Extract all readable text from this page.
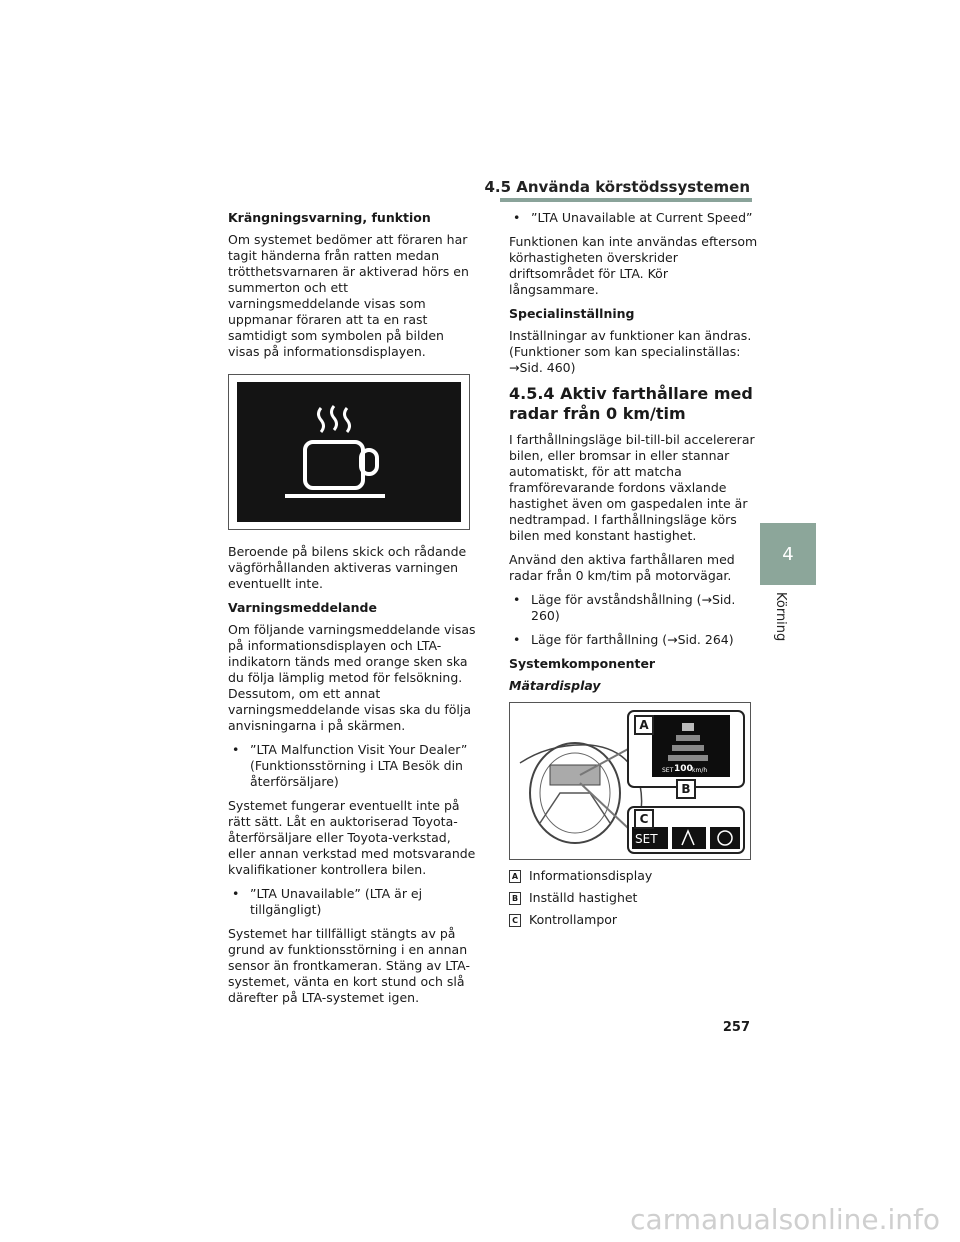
4.5 Använda körstödssystemen

Krängningsvarning, funktion

Om systemet bedömer att föraren har tagit händerna från ratten medan trötthetsvarnaren är aktiverad hörs en summerton och ett varningsmeddelande visas som uppmanar föraren att ta en rast samtidigt som symbolen på bilden visas på informationsdisplayen.

Beroende på bilens skick och rådande vägförhållanden aktiveras varningen eventuellt inte.

Varningsmeddelande

Om följande varningsmeddelande visas på informationsdisplayen och LTA-indikatorn tänds med orange sken ska du följa lämplig metod för felsökning. Dessutom, om ett annat varningsmeddelande visas ska du följa anvisningarna i på skärmen.

• ”LTA Malfunction Visit Your Dealer” (Funktionsstörning i LTA Besök din återförsäljare)

Systemet fungerar eventuellt inte på rätt sätt. Låt en auktoriserad Toyota-återförsäljare eller Toyota-verkstad, eller annan verkstad med motsvarande kvalifikationer kontrollera bilen.

• ”LTA Unavailable” (LTA är ej tillgängligt)

Systemet har tillfälligt stängts av på grund av funktionsstörning i en annan sensor än frontkameran. Stäng av LTA-systemet, vänta en kort stund och slå därefter på LTA-systemet igen.

• ”LTA Unavailable at Current Speed”

Funktionen kan inte användas eftersom körhastigheten överskrider driftsområdet för LTA. Kör långsammare.

Specialinställning

Inställningar av funktioner kan ändras. (Funktioner som kan specialinställas: →Sid. 460)

4.5.4 Aktiv farthållare med radar från 0 km/tim

I farthållningsläge bil-till-bil accelererar bilen, eller bromsar in eller stannar automatiskt, för att matcha framförevarande fordons växlande hastighet även om gaspedalen inte är nedtrampad. I farthållningsläge körs bilen med konstant hastighet.

Använd den aktiva farthållaren med radar från 0 km/tim på motorvägar.

• Läge för avståndshållning (→Sid. 260)

• Läge för farthållning (→Sid. 264)

Systemkomponenter

Mätardisplay

A
B
C
SET 100 km/h
SET
A Informationsdisplay
B Inställd hastighet
C Kontrollampor
4
Körning
257
carmanualsonline.info
